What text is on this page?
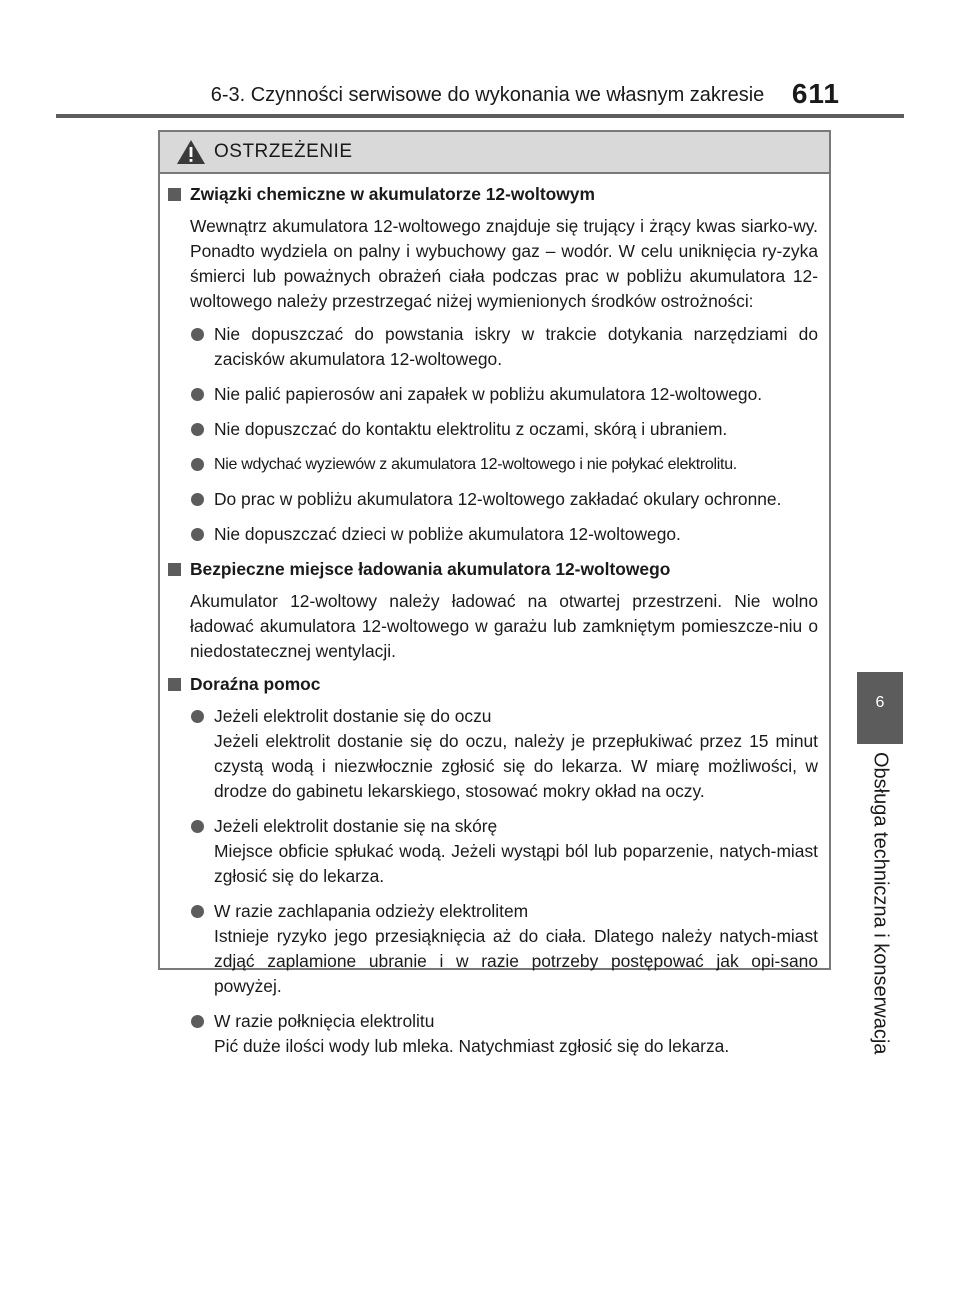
6-3. Czynności serwisowe do wykonania we własnym zakresie 611
6
Obsługa techniczna i konserwacja
OSTRZEŻENIE
Związki chemiczne w akumulatorze 12-woltowym
Wewnątrz akumulatora 12-woltowego znajduje się trujący i żrący kwas siarko-wy. Ponadto wydziela on palny i wybuchowy gaz – wodór. W celu uniknięcia ry-zyka śmierci lub poważnych obrażeń ciała podczas prac w pobliżu akumulatora 12-woltowego należy przestrzegać niżej wymienionych środków ostrożności:
Nie dopuszczać do powstania iskry w trakcie dotykania narzędziami do zacisków akumulatora 12-woltowego.
Nie palić papierosów ani zapałek w pobliżu akumulatora 12-woltowego.
Nie dopuszczać do kontaktu elektrolitu z oczami, skórą i ubraniem.
Nie wdychać wyziewów z akumulatora 12-woltowego i nie połykać elektrolitu.
Do prac w pobliżu akumulatora 12-woltowego zakładać okulary ochronne.
Nie dopuszczać dzieci w pobliże akumulatora 12-woltowego.
Bezpieczne miejsce ładowania akumulatora 12-woltowego
Akumulator 12-woltowy należy ładować na otwartej przestrzeni. Nie wolno ładować akumulatora 12-woltowego w garażu lub zamkniętym pomieszcze-niu o niedostatecznej wentylacji.
Doraźna pomoc
Jeżeli elektrolit dostanie się do oczu
Jeżeli elektrolit dostanie się do oczu, należy je przepłukiwać przez 15 minut czystą wodą i niezwłocznie zgłosić się do lekarza. W miarę możliwości, w drodze do gabinetu lekarskiego, stosować mokry okład na oczy.
Jeżeli elektrolit dostanie się na skórę
Miejsce obficie spłukać wodą. Jeżeli wystąpi ból lub poparzenie, natych-miast zgłosić się do lekarza.
W razie zachlapania odzieży elektrolitem
Istnieje ryzyko jego przesiąknięcia aż do ciała. Dlatego należy natych-miast zdjąć zaplamione ubranie i w razie potrzeby postępować jak opi-sano powyżej.
W razie połknięcia elektrolitu
Pić duże ilości wody lub mleka. Natychmiast zgłosić się do lekarza.
